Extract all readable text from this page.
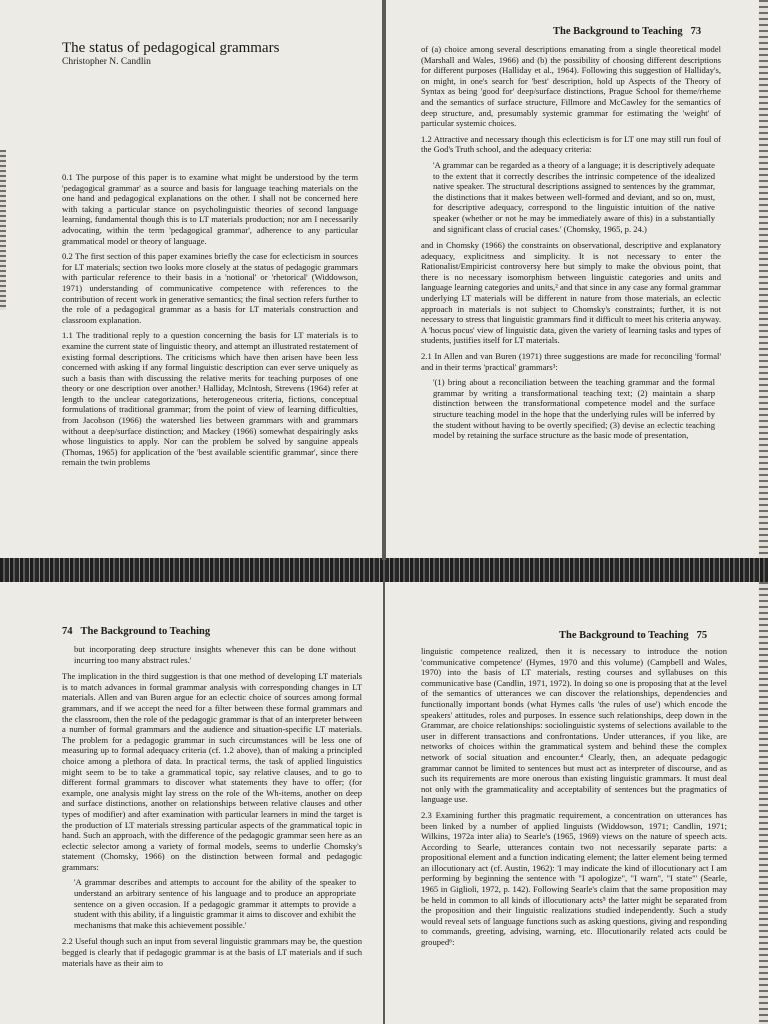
The status of pedagogical grammars
Christopher N. Candlin

0.1 The purpose of this paper is to examine what might be understood by the term 'pedagogical grammar' as a source and basis for language teaching materials on the one hand and pedagogical explanations on the other. I shall not be concerned here with taking a particular stance on psycholinguistic theories of second language learning, fundamental though this is to LT materials production; nor am I necessarily advocating, within the term 'pedagogical grammar', adherence to any particular grammatical model or theory of language.

0.2 The first section of this paper examines briefly the case for eclecticism in sources for LT materials; section two looks more closely at the status of pedagogic grammars with particular reference to their basis in a 'notional' or 'rhetorical' (Widdowson, 1971) understanding of communicative competence with references to the contribution of recent work in generative semantics; the final section refers further to the role of a pedagogical grammar as a basis for LT materials construction and classroom explanation.

1.1 The traditional reply to a question concerning the basis for LT materials is to examine the current state of linguistic theory, and attempt an illustrated restatement of existing formal descriptions. The criticisms which have then arisen have been less concerned with asking if any formal linguistic description can ever serve uniquely as such a basis than with discussing the relative merits for teaching purposes of one theory or one description over another.¹ Halliday, McIntosh, Strevens (1964) refer at length to the unclear categorizations, heterogeneous criteria, fictions, conceptual formulations of traditional grammar; from the point of view of learning difficulties, from Jacobson (1966) the watershed lies between grammars with and grammars without a deep/surface distinction; and Mackey (1966) somewhat despairingly asks whose linguistics to apply. Nor can the problem be solved by sanguine appeals (Thomas, 1965) for application of the 'best available scientific grammar', since there remain the twin problems

The Background to Teaching 73

of (a) choice among several descriptions emanating from a single theoretical model (Marshall and Wales, 1966) and (b) the possibility of choosing different descriptions for different purposes (Halliday et al., 1964). Following this suggestion of Halliday's, on might, in one's search for 'best' description, hold up Aspects of the Theory of Syntax as being 'good for' deep/surface distinctions, Prague School for theme/rheme and the semantics of surface structure, Fillmore and McCawley for the semantics of deep structure, and, presumably systemic grammar for estimating the 'weight' of particular systemic choices.

1.2 Attractive and necessary though this eclecticism is for LT one may still run foul of the God's Truth school, and the adequacy criteria:

'A grammar can be regarded as a theory of a language; it is descriptively adequate to the extent that it correctly describes the intrinsic competence of the idealized native speaker. The structural descriptions assigned to sentences by the grammar, the distinctions that it makes between well-formed and deviant, and so on, must, for descriptive adequacy, correspond to the linguistic intuition of the native speaker (whether or not he may be immediately aware of this) in a substantially and significant class of crucial cases.' (Chomsky, 1965, p. 24.)

and in Chomsky (1966) the constraints on observational, descriptive and explanatory adequacy, explicitness and simplicity. It is not necessary to enter the Rationalist/Empiricist controversy here but simply to make the obvious point, that there is no necessary isomorphism between linguistic categories and units and language learning categories and units,² and that since in any case any formal grammar underlying LT materials will be different in nature from those materials, an eclectic approach in materials is not subject to Chomsky's constraints; further, it is not necessary to stress that linguistic grammars find it difficult to meet his criteria anyway. A 'hocus pocus' view of linguistic data, given the variety of learning tasks and types of students, justifies itself for LT materials.

2.1 In Allen and van Buren (1971) three suggestions are made for reconciling 'formal' and in their terms 'practical' grammars³:

'(1) bring about a reconciliation between the teaching grammar and the formal grammar by writing a transformational teaching text; (2) maintain a sharp distinction between the transformational competence model and the surface structure teaching model in the hope that the underlying rules will be inferred by the student without having to be overtly specified; (3) devise an eclectic teaching model by retaining the surface structure as the basic mode of presentation,

74 The Background to Teaching

but incorporating deep structure insights whenever this can be done without incurring too many abstract rules.'

The implication in the third suggestion is that one method of developing LT materials is to match advances in formal grammar analysis with corresponding changes in LT materials. Allen and van Buren argue for an eclectic choice of sources among formal grammars, and if we accept the need for a filter between these formal grammars and the classroom, then the role of the pedagogic grammar is that of an interpreter between a number of formal grammars and the audience and situation-specific LT materials. The problem for a pedagogic grammar in such circumstances will be less one of measuring up to formal adequacy criteria (cf. 1.2 above), than of making a principled choice among a plethora of data. In practical terms, the task of applied linguistics might seem to be to take a grammatical topic, say relative clauses, and to go to different formal grammars to discover what statements they have to offer; (for example, one analysis might lay stress on the role of the Wh-items, another on deep and surface distinctions, another on relationships between relative clauses and other types of modifier) and after examination with particular learners in mind the target is the production of LT materials stressing particular aspects of the grammatical topic in hand. Such an approach, with the difference of the pedagogic grammar seen here as an eclectic selector among a variety of formal models, seems to underlie Chomsky's statement (Chomsky, 1966) on the distinction between formal and pedagogic grammars:

'A grammar describes and attempts to account for the ability of the speaker to understand an arbitrary sentence of his language and to produce an appropriate sentence on a given occasion. If a pedagogic grammar it attempts to provide a student with this ability, if a linguistic grammar it aims to discover and exhibit the mechanisms that make this achievement possible.'

2.2 Useful though such an input from several linguistic grammars may be, the question begged is clearly that if pedagogic grammar is at the basis of LT materials and if such materials have as their aim to

The Background to Teaching 75

linguistic competence realized, then it is necessary to introduce the notion 'communicative competence' (Hymes, 1970 and this volume) (Campbell and Wales, 1970) into the basis of LT materials, resting courses and syllabuses on this communicative base (Candlin, 1971, 1972). In doing so one is proposing that at the level of the semantics of utterances we can discover the relationships, dependencies and functionally important bonds (what Hymes calls 'the rules of use') which encode the speakers' attitudes, roles and purposes. In essence such relationships, deep down in the Grammar, are choice relationships: sociolinguistic systems of selections available to the user in different transactions and confrontations. Under utterances, if you like, are networks of choices within the grammatical system and behind these the complex network of social situation and encounter.⁴ Clearly, then, an adequate pedagogic grammar cannot be limited to sentences but must act as interpreter of discourse, and as such its requirements are more onerous than existing linguistic grammars. It must deal not only with the grammaticality and acceptability of sentences but the pragmatics of language use.

2.3 Examining further this pragmatic requirement, a concentration on utterances has been linked by a number of applied linguists (Widdowson, 1971; Candlin, 1971; Wilkins, 1972a inter alia) to Searle's (1965, 1969) views on the nature of speech acts. According to Searle, utterances contain two not necessarily separate parts: a propositional element and a function indicating element; the latter element being termed an illocutionary act (cf. Austin, 1962): 'I may indicate the kind of illocutionary act I am performing by beginning the sentence with "I apologize", "I warn", "I state"' (Searle, 1965 in Giglioli, 1972, p. 142). Following Searle's claim that the same proposition may be held in common to all kinds of illocutionary acts⁵ the latter might be separated from the proposition and their linguistic realizations studied independently. Such a study would reveal sets of language functions such as asking questions, giving and responding to commands, greeting, advising, warning, etc. Illocutionarily related acts could be grouped⁶:
